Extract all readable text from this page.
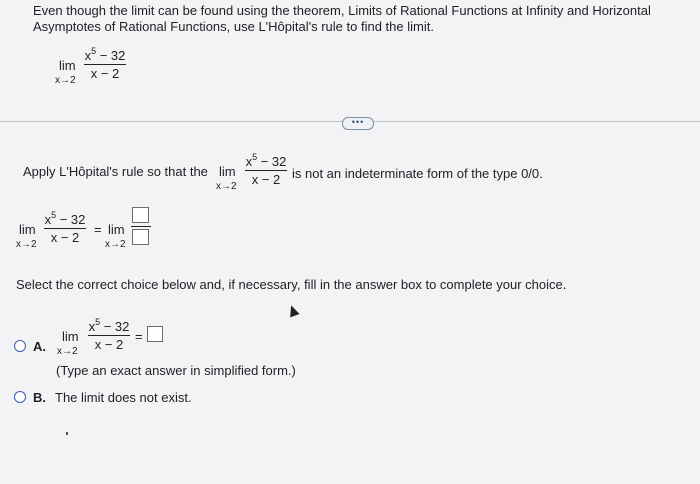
Even though the limit can be found using the theorem, Limits of Rational Functions at Infinity and Horizontal
Asymptotes of Rational Functions, use L'Hôpital's rule to find the limit.
lim
x→2
$x^5 - 32$
x − 2
•••
Apply L'Hôpital's rule so that the lim
x→2
$x^5 - 32$
x − 2 is not an indeterminate form of the type 0/0.
lim
x→2
$x^5 - 32$
x − 2
= lim
x→2
Select the correct choice below and, if necessary, fill in the answer box to complete your choice.
A.
lim
x→2
$x^5 - 32$
x − 2
=
(Type an exact answer in simplified form.)
B. The limit does not exist.
